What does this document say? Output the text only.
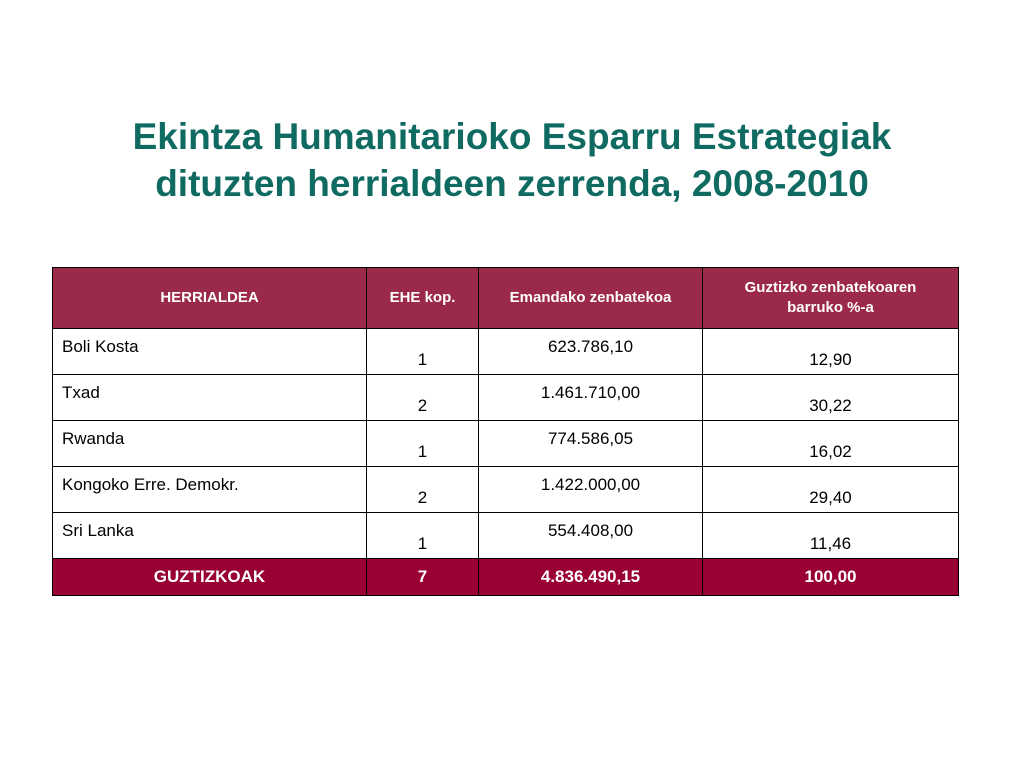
Ekintza Humanitarioko Esparru Estrategiak
dituzten herrialdeen zerrenda, 2008-2010
HERRIALDEA	EHE kop.	Emandako zenbatekoa	Guztizko zenbatekoaren barruko %-a
Boli Kosta	1	623.786,10	12,90
Txad	2	1.461.710,00	30,22
Rwanda	1	774.586,05	16,02
Kongoko Erre. Demokr.	2	1.422.000,00	29,40
Sri Lanka	1	554.408,00	11,46
GUZTIZKOAK	7	4.836.490,15	100,00
